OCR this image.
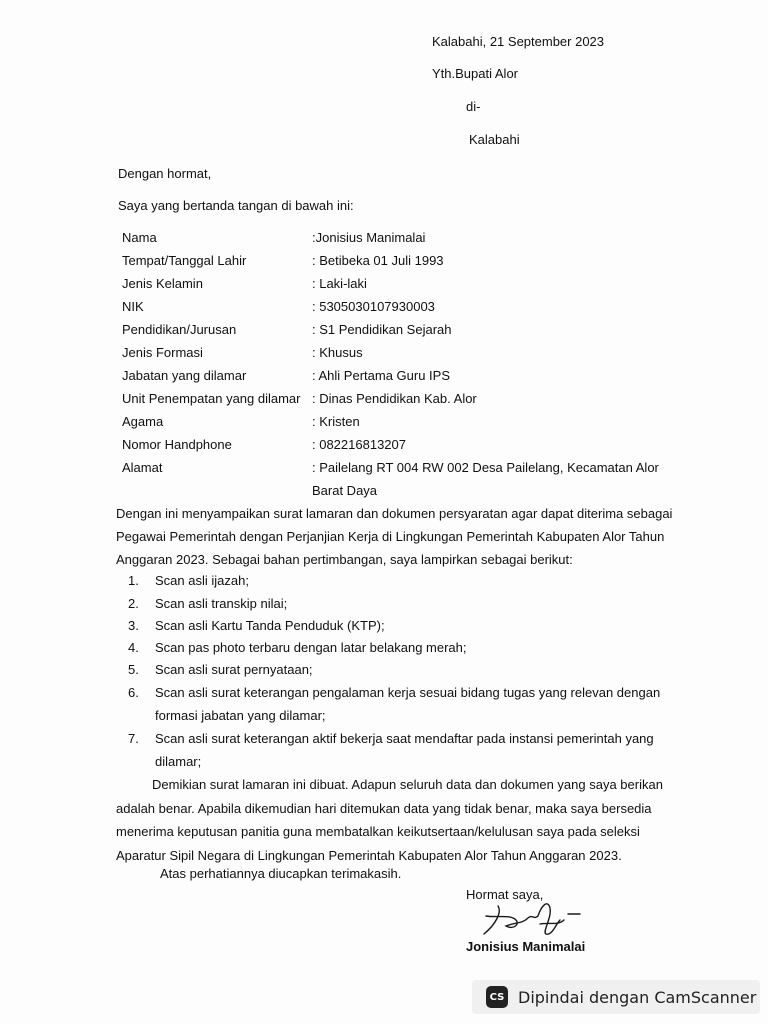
Kalabahi, 21 September 2023
Yth.Bupati Alor
di-
Kalabahi
Dengan hormat,
Saya yang bertanda tangan di bawah ini:
Nama	:Jonisius Manimalai
Tempat/Tanggal Lahir	: Betibeka 01 Juli 1993
Jenis Kelamin	: Laki-laki
NIK	: 5305030107930003
Pendidikan/Jurusan	: S1 Pendidikan Sejarah
Jenis Formasi	: Khusus
Jabatan yang dilamar	: Ahli Pertama Guru IPS
Unit Penempatan yang dilamar : Dinas Pendidikan Kab. Alor
Agama	: Kristen
Nomor Handphone	: 082216813207
Alamat	: Pailelang RT 004 RW 002 Desa Pailelang, Kecamatan Alor
Barat Daya
Dengan ini menyampaikan surat lamaran dan dokumen persyaratan agar dapat diterima sebagai
Pegawai Pemerintah dengan Perjanjian Kerja di Lingkungan Pemerintah Kabupaten Alor Tahun
Anggaran 2023. Sebagai bahan pertimbangan, saya lampirkan sebagai berikut:
1. Scan asli ijazah;
2. Scan asli transkip nilai;
3. Scan asli Kartu Tanda Penduduk (KTP);
4. Scan pas photo terbaru dengan latar belakang merah;
5. Scan asli surat pernyataan;
6. Scan asli surat keterangan pengalaman kerja sesuai bidang tugas yang relevan dengan
formasi jabatan yang dilamar;
7. Scan asli surat keterangan aktif bekerja saat mendaftar pada instansi pemerintah yang
dilamar;
Demikian surat lamaran ini dibuat. Adapun seluruh data dan dokumen yang saya berikan
adalah benar. Apabila dikemudian hari ditemukan data yang tidak benar, maka saya bersedia
menerima keputusan panitia guna membatalkan keikutsertaan/kelulusan saya pada seleksi
Aparatur Sipil Negara di Lingkungan Pemerintah Kabupaten Alor Tahun Anggaran 2023.
Atas perhatiannya diucapkan terimakasih.
Hormat saya,
Jonisius Manimalai
CS Dipindai dengan CamScanner
